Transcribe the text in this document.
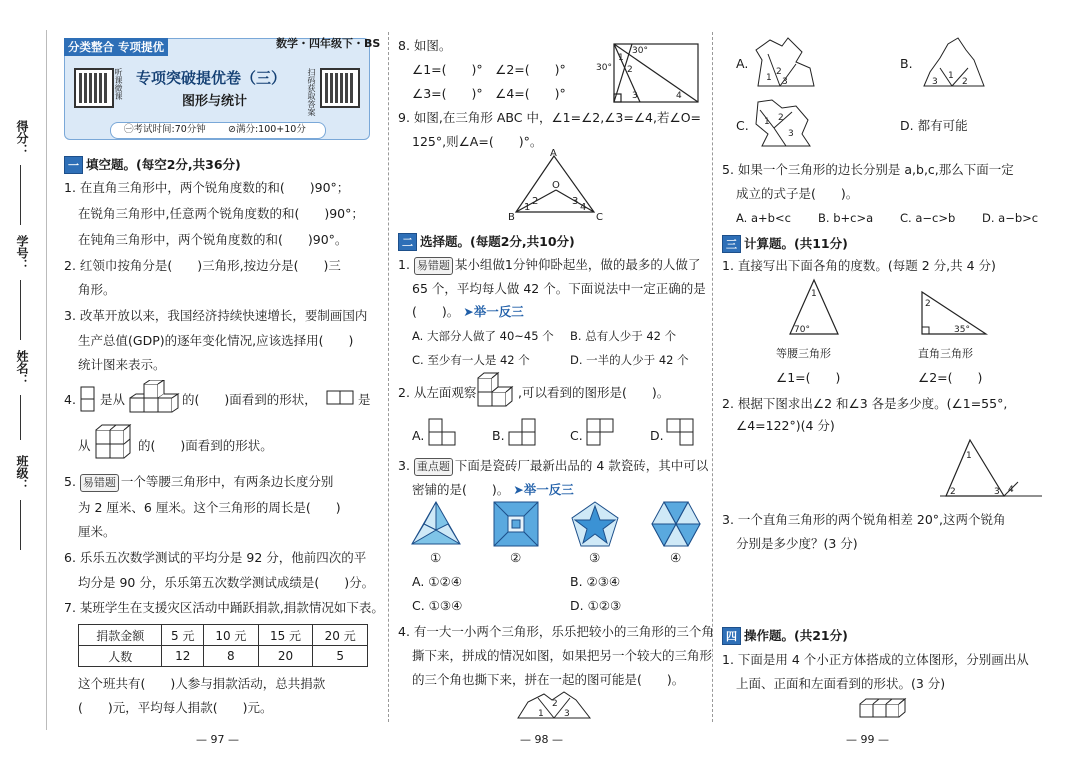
得分：
学号：
姓名：
班级：
分类整合 专项提优	数学・四年级下・BS
听课微课	扫码获取答案
专项突破提优卷（三）
图形与统计
㊀考试时间:70分钟 ⊘满分:100+10分
一 填空题。(每空2分,共36分)
1. 在直角三角形中，两个锐角度数的和(　　)90°；
在锐角三角形中,任意两个锐角度数的和(　　)90°；
在钝角三角形中，两个锐角度数的和(　　)90°。
2. 红领巾按角分是(　　)三角形,按边分是(　　)三
角形。
3. 改革开放以来，我国经济持续快速增长，要制画国内
生产总值(GDP)的逐年变化情况,应该选择用(　　)
统计图来表示。
4. 是从	的(　　)面看到的形状，	是
从	的(　　)面看到的形状。
5. 易错题 一个等腰三角形中，有两条边长度分别
为 2 厘米、6 厘米。这个三角形的周长是(　　)
厘米。
6. 乐乐五次数学测试的平均分是 92 分，他前四次的平
均分是 90 分，乐乐第五次数学测试成绩是(　　)分。
7. 某班学生在支援灾区活动中踊跃捐款,捐款情况如下表。
捐款金额	5 元	10 元	15 元	20 元
人数	12	8	20	5
这个班共有(　　)人参与捐款活动，总共捐款
(　　)元，平均每人捐款(　　)元。
— 97 —
8. 如图。
∠1=(　　)°　∠2=(　　)°
∠3=(　　)°　∠4=(　　)°
30°
30°
1
2
3	4
9. 如图,在三角形 ABC 中，∠1=∠2,∠3=∠4,若∠O=
125°,则∠A=(　　)°。
A
O
B	C
1
2	3
4
二 选择题。(每题2分,共10分)
1. 易错题 某小组做1分钟仰卧起坐，做的最多的人做了
65 个，平均每人做 42 个。下面说法中一定正确的是
(　　)。 ➤举一反三
A. 大部分人做了 40~45 个 B. 总有人少于 42 个
C. 至少有一人是 42 个	D. 一半的人少于 42 个
2. 从左面观察	,可以看到的图形是(　　)。
A.	B.	C.	D.
3. 重点题 下面是瓷砖厂最新出品的 4 款瓷砖，其中可以
密铺的是(　　)。 ➤举一反三
①	②	③	④
A. ①②④	B. ②③④
C. ①③④	D. ①②③
4. 有一大一小两个三角形，乐乐把较小的三角形的三个角
撕下来，拼成的情况如图，如果把另一个较大的三角形
的三个角也撕下来，拼在一起的图可能是(　　)。
1
2
3
— 98 —
A.
1
2
3
B.
3
1
2
C. 1 2
3
D. 都有可能
5. 如果一个三角形的边长分别是 a,b,c,那么下面一定
成立的式子是(　　)。
A. a+b<c B. b+c>a C. a−c>b D. a−b>c
三 计算题。(共11分)
1. 直接写出下面各角的度数。(每题 2 分,共 4 分)
1
70°
2
35°
等腰三角形	直角三角形
∠1=(　　)	∠2=(　　)
2. 根据下图求出∠2 和∠3 各是多少度。(∠1=55°,
∠4=122°)(4 分)
1
2	3 4
3. 一个直角三角形的两个锐角相差 20°,这两个锐角
分别是多少度？(3 分)
四 操作题。(共21分)
1. 下面是用 4 个小正方体搭成的立体图形，分别画出从
上面、正面和左面看到的形状。(3 分)
— 99 —
